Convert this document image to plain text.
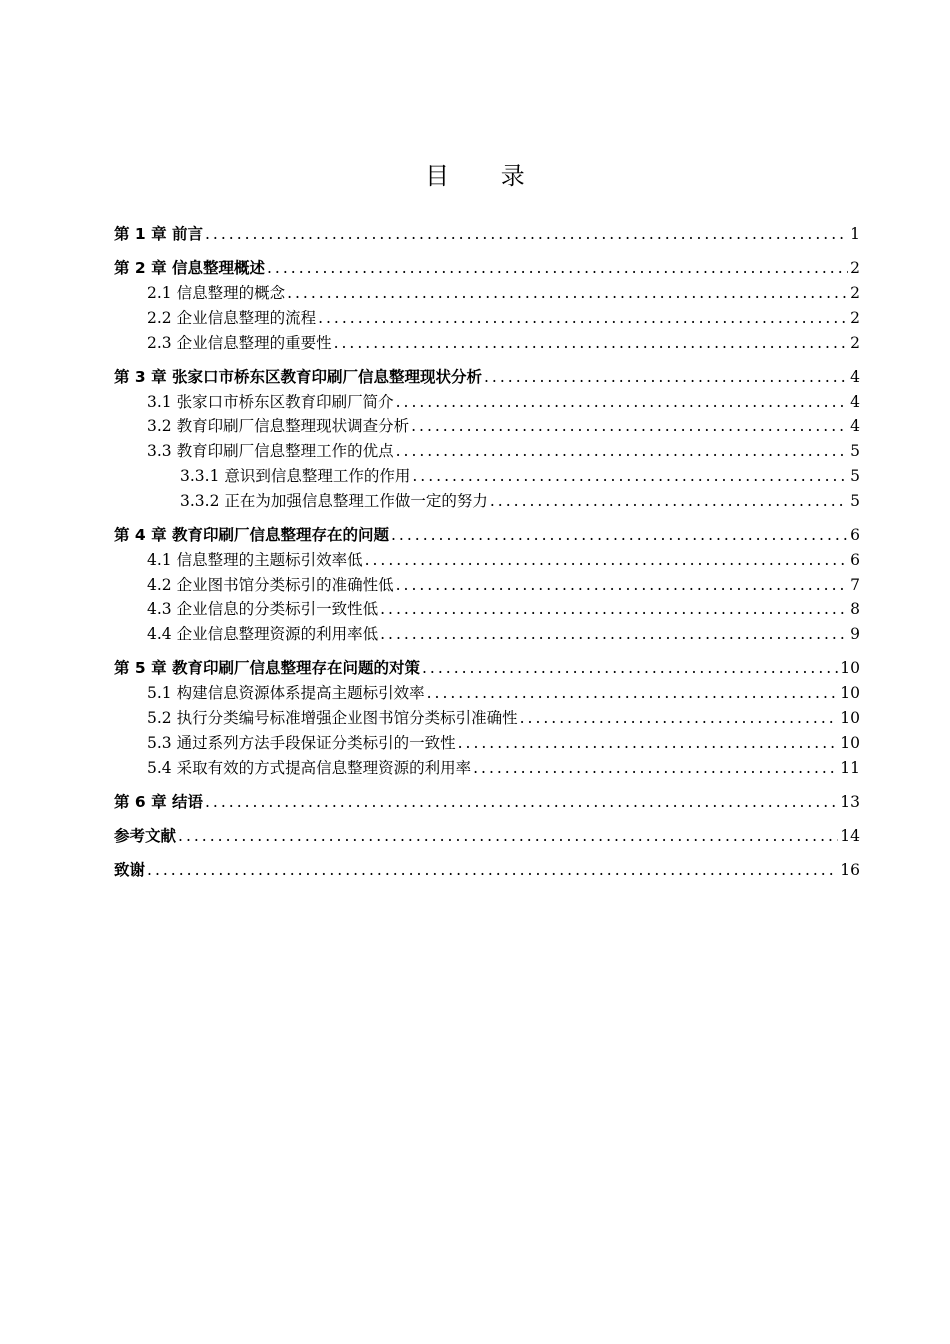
目 录
第 1 章 前言 .....	1
第 2 章 信息整理概述 .....	2
2.1 信息整理的概念 .....	2
2.2 企业信息整理的流程 .....	2
2.3 企业信息整理的重要性 .....	2
第 3 章 张家口市桥东区教育印刷厂信息整理现状分析 .....	4
3.1 张家口市桥东区教育印刷厂简介 .....	4
3.2 教育印刷厂信息整理现状调查分析 .....	4
3.3 教育印刷厂信息整理工作的优点 .....	5
3.3.1 意识到信息整理工作的作用 .....	5
3.3.2 正在为加强信息整理工作做一定的努力 .....	5
第 4 章 教育印刷厂信息整理存在的问题 .....	6
4.1 信息整理的主题标引效率低 .....	6
4.2 企业图书馆分类标引的准确性低 .....	7
4.3 企业信息的分类标引一致性低 .....	8
4.4 企业信息整理资源的利用率低 .....	9
第 5 章 教育印刷厂信息整理存在问题的对策 .....	10
5.1 构建信息资源体系提高主题标引效率 .....	10
5.2 执行分类编号标准增强企业图书馆分类标引准确性 .....	10
5.3 通过系列方法手段保证分类标引的一致性 .....	10
5.4 采取有效的方式提高信息整理资源的利用率 .....	11
第 6 章 结语 .....	13
参考文献 .....	14
致谢 .....	16
